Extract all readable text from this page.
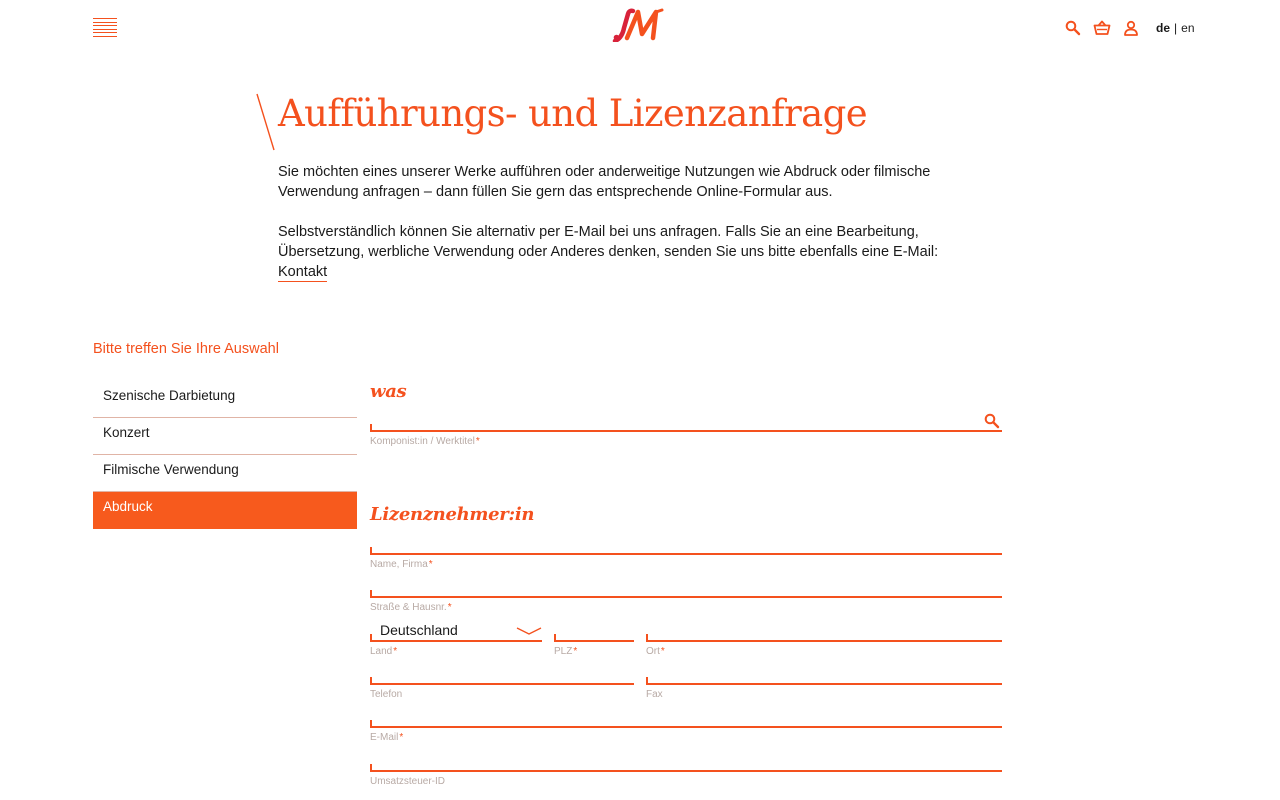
de | en
Aufführungs- und Lizenzanfrage

Sie möchten eines unserer Werke aufführen oder anderweitige Nutzungen wie Abdruck oder filmische Verwendung anfragen – dann füllen Sie gern das entsprechende Online-Formular aus.

Selbstverständlich können Sie alternativ per E-Mail bei uns anfragen. Falls Sie an eine Bearbeitung, Übersetzung, werbliche Verwendung oder Anderes denken, senden Sie uns bitte ebenfalls eine E-Mail:
Kontakt

Bitte treffen Sie Ihre Auswahl
Szenische Darbietung
Konzert
Filmische Verwendung
Abdruck
was
Komponist:in / Werktitel*
Lizenznehmer:in
Name, Firma*
Straße & Hausnr.*
Deutschland
Land*	PLZ*	Ort*
Telefon	Fax
E-Mail*
Umsatzsteuer-ID
